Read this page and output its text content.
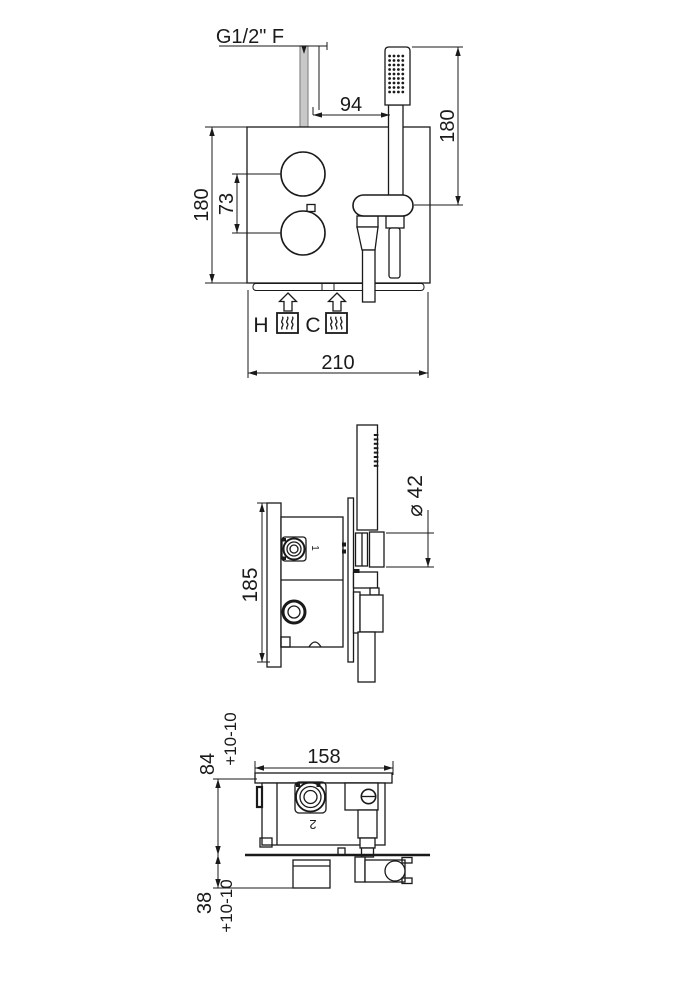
G1/2" F
94
180
180 73
H C
210
1
185
⌀ 42
158
2
84 +10-10
38 +10-10
